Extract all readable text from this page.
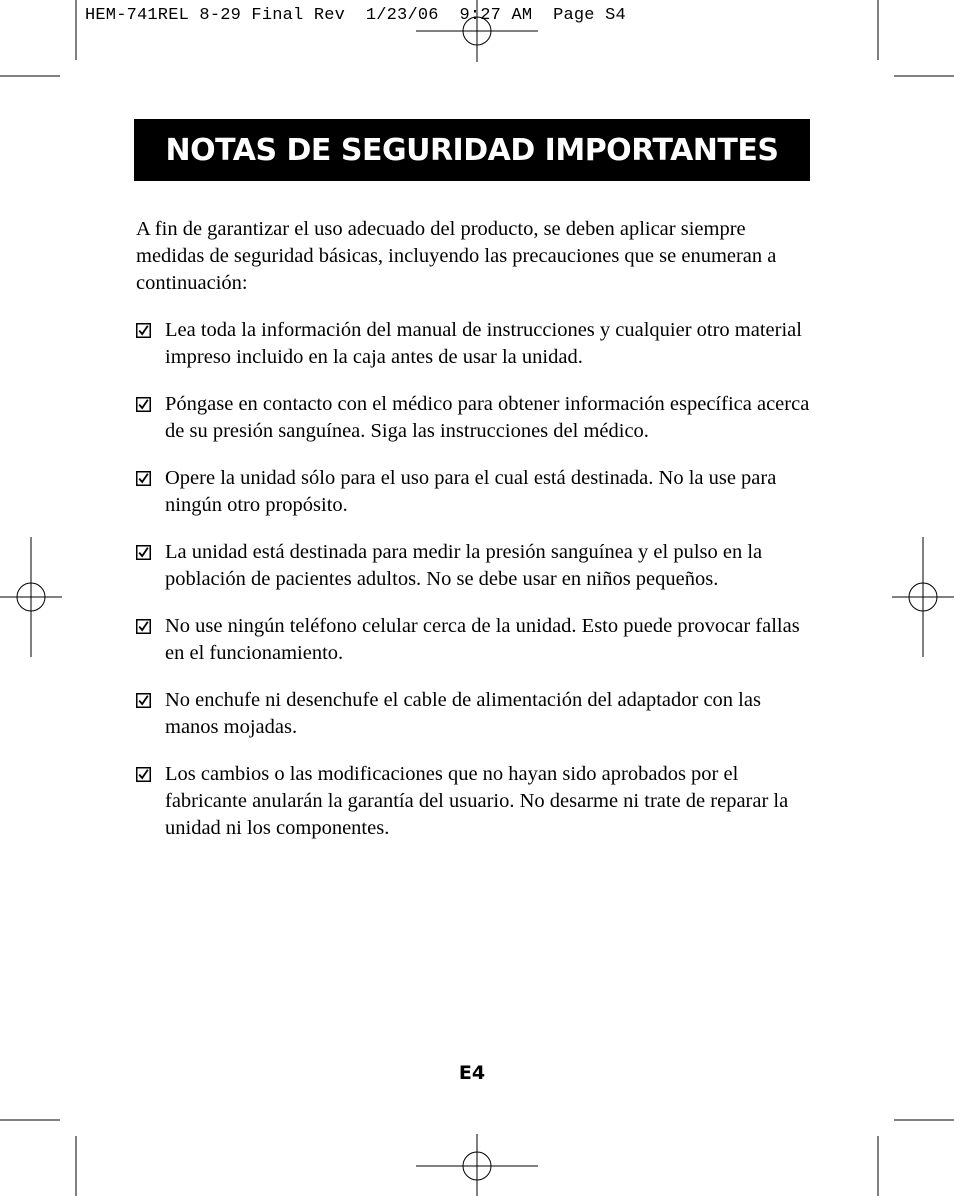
HEM-741REL 8-29 Final Rev  1/23/06  9:27 AM  Page S4
NOTAS DE SEGURIDAD IMPORTANTES

A fin de garantizar el uso adecuado del producto, se deben aplicar siempre medidas de seguridad básicas, incluyendo las precauciones que se enumeran a continuación:

Lea toda la información del manual de instrucciones y cualquier otro material impreso incluido en la caja antes de usar la unidad.
Póngase en contacto con el médico para obtener información específica acerca de su presión sanguínea. Siga las instrucciones del médico.
Opere la unidad sólo para el uso para el cual está destinada. No la use para ningún otro propósito.
La unidad está destinada para medir la presión sanguínea y el pulso en la población de pacientes adultos. No se debe usar en niños pequeños.
No use ningún teléfono celular cerca de la unidad. Esto puede provocar fallas en el funcionamiento.
No enchufe ni desenchufe el cable de alimentación del adaptador con las manos mojadas.
Los cambios o las modificaciones que no hayan sido aprobados por el fabricante anularán la garantía del usuario. No desarme ni trate de reparar la unidad ni los componentes.
E4
